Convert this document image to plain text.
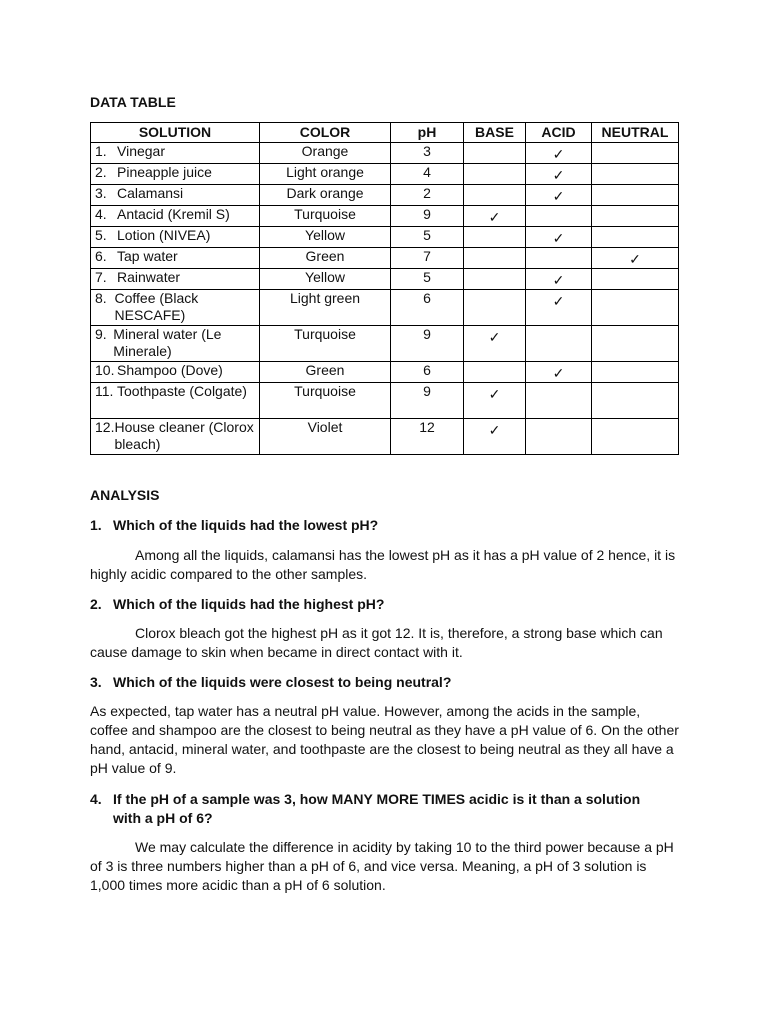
DATA TABLE
SOLUTION	COLOR	pH	BASE	ACID	NEUTRAL

1. Vinegar	Orange	3		✓	

2. Pineapple juice	Light orange	4		✓	

3. Calamansi	Dark orange	2		✓	

4. Antacid (Kremil S)	Turquoise	9	✓		

5. Lotion (NIVEA)	Yellow	5		✓	

6. Tap water	Green	7			✓

7. Rainwater	Yellow	5		✓	

8. Coffee (Black NESCAFE)	Light green	6		✓	

9. Mineral water (Le Minerale)	Turquoise	9	✓		

10. Shampoo (Dove)	Green	6		✓	

11. Toothpaste (Colgate)	Turquoise	9	✓		

12. House cleaner (Clorox bleach)	Violet	12	✓		
ANALYSIS
1. Which of the liquids had the lowest pH?
Among all the liquids, calamansi has the lowest pH as it has a pH value of 2 hence, it is highly acidic compared to the other samples.
2. Which of the liquids had the highest pH?
Clorox bleach got the highest pH as it got 12. It is, therefore, a strong base which can cause damage to skin when became in direct contact with it.
3. Which of the liquids were closest to being neutral?
As expected, tap water has a neutral pH value. However, among the acids in the sample, coffee and shampoo are the closest to being neutral as they have a pH value of 6. On the other hand, antacid, mineral water, and toothpaste are the closest to being neutral as they all have a pH value of 9.
4. If the pH of a sample was 3, how MANY MORE TIMES acidic is it than a solution with a pH of 6?
We may calculate the difference in acidity by taking 10 to the third power because a pH of 3 is three numbers higher than a pH of 6, and vice versa. Meaning, a pH of 3 solution is 1,000 times more acidic than a pH of 6 solution.
